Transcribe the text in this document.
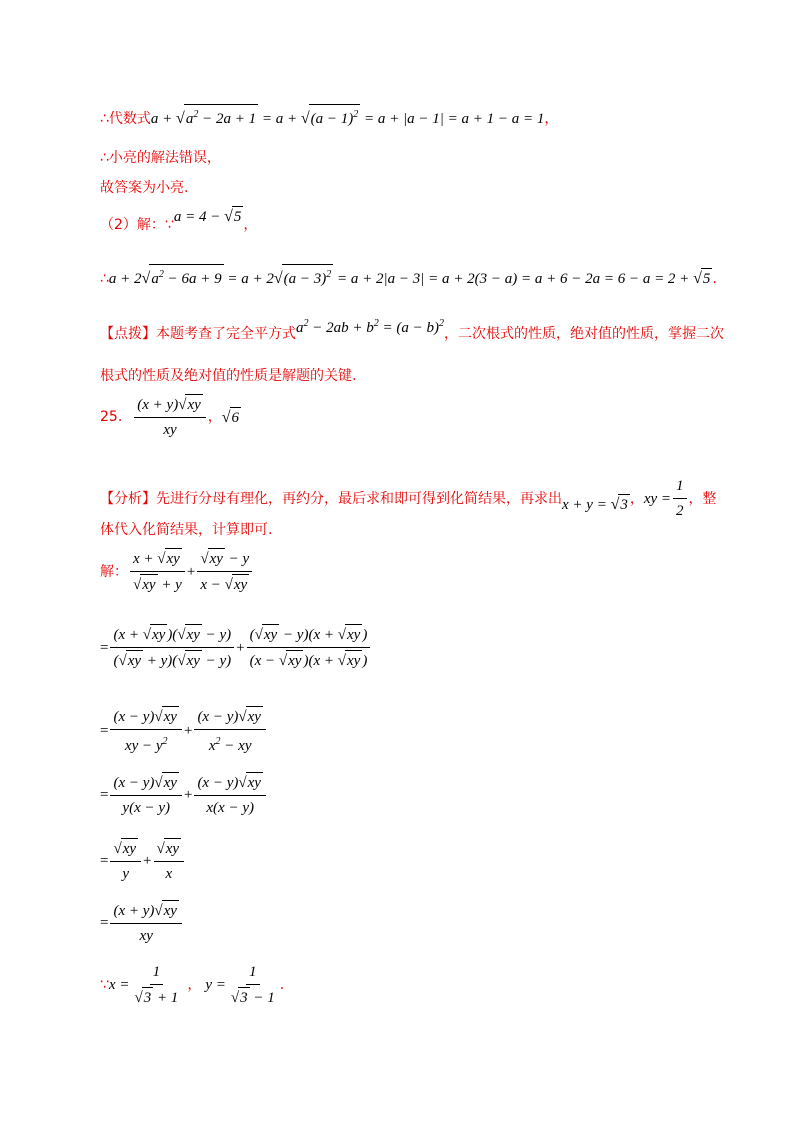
∴代数式$a + √a^2 - 2a + 1 = a + √(a - 1)^2 = a + |a - 1| = a + 1 - a = 1$，
∴小亮的解法错误，
故答案为小亮.
（2）解：∵a = 4 − √5 ，
∴a + $2√a^2 - 6a + 9 = a + 2√(a - 3)^2 = a + 2|a - 3| = a + 2(3 - a) = a + 6 - 2a = 6 - a = 2 + √5$ .
【点拨】本题考查了完全平方式$a^2 - 2ab + b^2 = (a - b)^2$，二次根式的性质，绝对值的性质，掌握二次
根式的性质及绝对值的性质是解题的关键.
25. $\frac{(x + y)√xy}{xy}$ ， √6
【分析】 先进行分母有理化，再约分，最后求和即可得到化简结果，再求出 x + y = √3 ， xy = $\frac{1}{2}$ ，整
体代入化简结果，计算即可.
解： $\frac{x + √xy}{√xy + y} + \frac{√xy - y}{x - √xy}$
= $\frac{(x + √xy )(√xy - y)}{(√xy + y)(√xy - y)} + \frac{(√xy - y)(x + √xy )}{(x - √xy )(x + √xy )}$
= $\frac{(x - y)√xy}{xy - y^2} + \frac{(x - y)√xy}{x^2 - xy}$
= $\frac{(x - y)√xy}{y(x - y)} + \frac{(x - y)√xy}{x(x - y)}$
= $\frac{√xy}{y} + \frac{√xy}{x}$
= $\frac{(x + y)√xy}{xy}$
∵ $x = \frac{1}{√3 + 1}$ ， $y = \frac{1}{√3 - 1}$ .
